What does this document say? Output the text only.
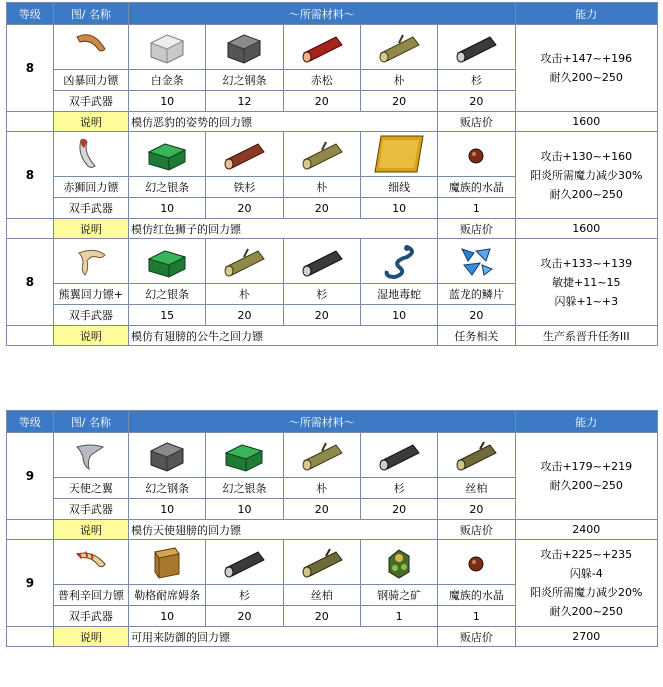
等级	图/ 名称	～所需材料～					能力
8							攻击+147~+196
耐久200~250

	凶暴回力镖	白金条	幻之钢条	赤松	朴	杉	
	双手武器	10	12	20	20	20	
	说明	模仿恶豹的姿势的回力镖				贩店价	1600
8							攻击+130~+160
阳炎所需魔力减少30%
耐久200~250

	赤狮回力镖	幻之银条	铁杉	朴	细线	魔族的水晶	
	双手武器	10	20	20	10	1	
	说明	模仿红色狮子的回力镖				贩店价	1600
8							攻击+133~+139
敏捷+11~15
闪躲+1~+3

	熊翼回力镖+	幻之银条	朴	杉	湿地毒蛇	蓝龙的鳞片	
	双手武器	15	20	20	10	20	
	说明	模仿有翅膀的公牛之回力镖				任务相关	生产系晋升任务III
等级	图/ 名称	～所需材料～					能力
9							攻击+179~+219
耐久200~250

	天使之翼	幻之钢条	幻之银条	朴	杉	丝柏	
	双手武器	10	10	20	20	20	
	说明	模仿天使翅膀的回力镖				贩店价	2400
9							攻击+225~+235
闪躲-4
阳炎所需魔力减少20%
耐久200~250

	普利辛回力镖	勒格耐席姆条	杉	丝柏	钢骑之矿	魔族的水晶	
	双手武器	10	20	20	1	1	
	说明	可用来防御的回力镖				贩店价	2700
